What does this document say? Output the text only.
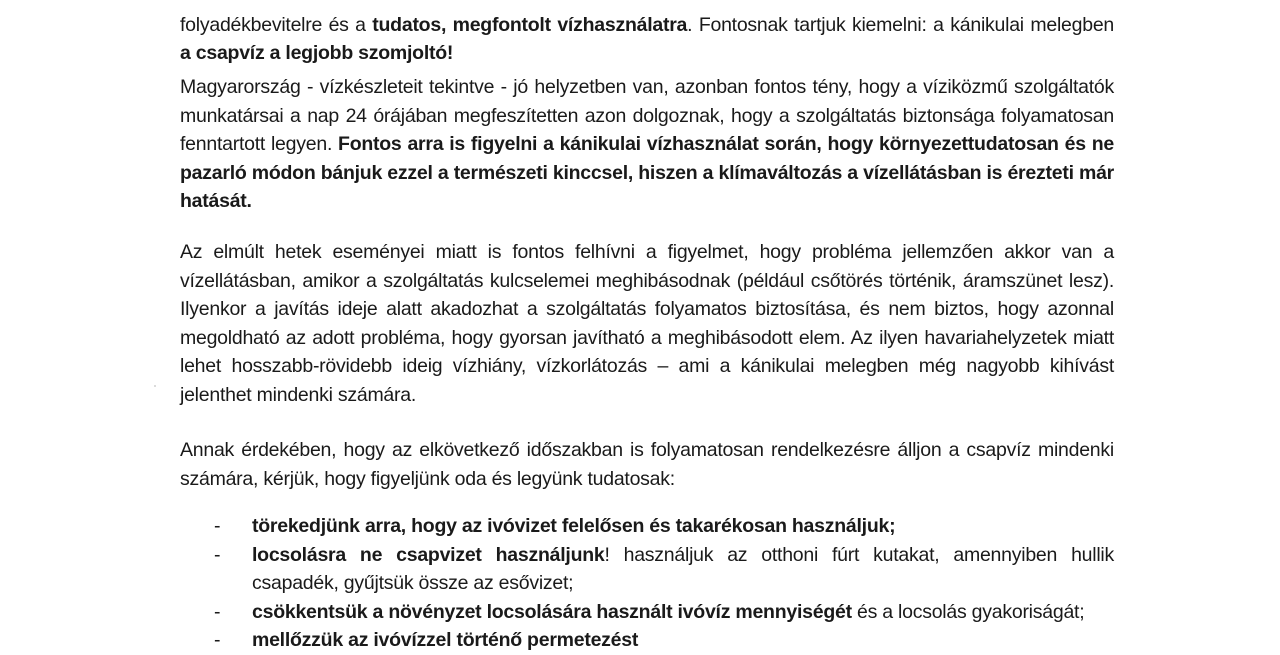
folyadékbevitelre és a tudatos, megfontolt vízhasználatra. Fontosnak tartjuk kiemelni: a kánikulai melegben a csapvíz a legjobb szomjoltó!

Magyarország - vízkészleteit tekintve - jó helyzetben van, azonban fontos tény, hogy a víziközmű szolgáltatók munkatársai a nap 24 órájában megfeszítetten azon dolgoznak, hogy a szolgáltatás biztonsága folyamatosan fenntartott legyen. Fontos arra is figyelni a kánikulai vízhasználat során, hogy környezettudatosan és ne pazarló módon bánjuk ezzel a természeti kinccsel, hiszen a klímaváltozás a vízellátásban is érezteti már hatását.

Az elmúlt hetek eseményei miatt is fontos felhívni a figyelmet, hogy probléma jellemzően akkor van a vízellátásban, amikor a szolgáltatás kulcselemei meghibásodnak (például csőtörés történik, áramszünet lesz). Ilyenkor a javítás ideje alatt akadozhat a szolgáltatás folyamatos biztosítása, és nem biztos, hogy azonnal megoldható az adott probléma, hogy gyorsan javítható a meghibásodott elem. Az ilyen havariahelyzetek miatt lehet hosszabb-rövidebb ideig vízhiány, vízkorlátozás – ami a kánikulai melegben még nagyobb kihívást jelenthet mindenki számára.

Annak érdekében, hogy az elkövetkező időszakban is folyamatosan rendelkezésre álljon a csapvíz mindenki számára, kérjük, hogy figyeljünk oda és legyünk tudatosak:

- törekedjünk arra, hogy az ivóvizet felelősen és takarékosan használjuk;
- locsolásra ne csapvizet használjunk! használjuk az otthoni fúrt kutakat, amennyiben hullik csapadék, gyűjtsük össze az esővizet;
- csökkentsük a növényzet locsolására használt ivóvíz mennyiségét és a locsolás gyakoriságát;
- mellőzzük az ivóvízzel történő permetezést
